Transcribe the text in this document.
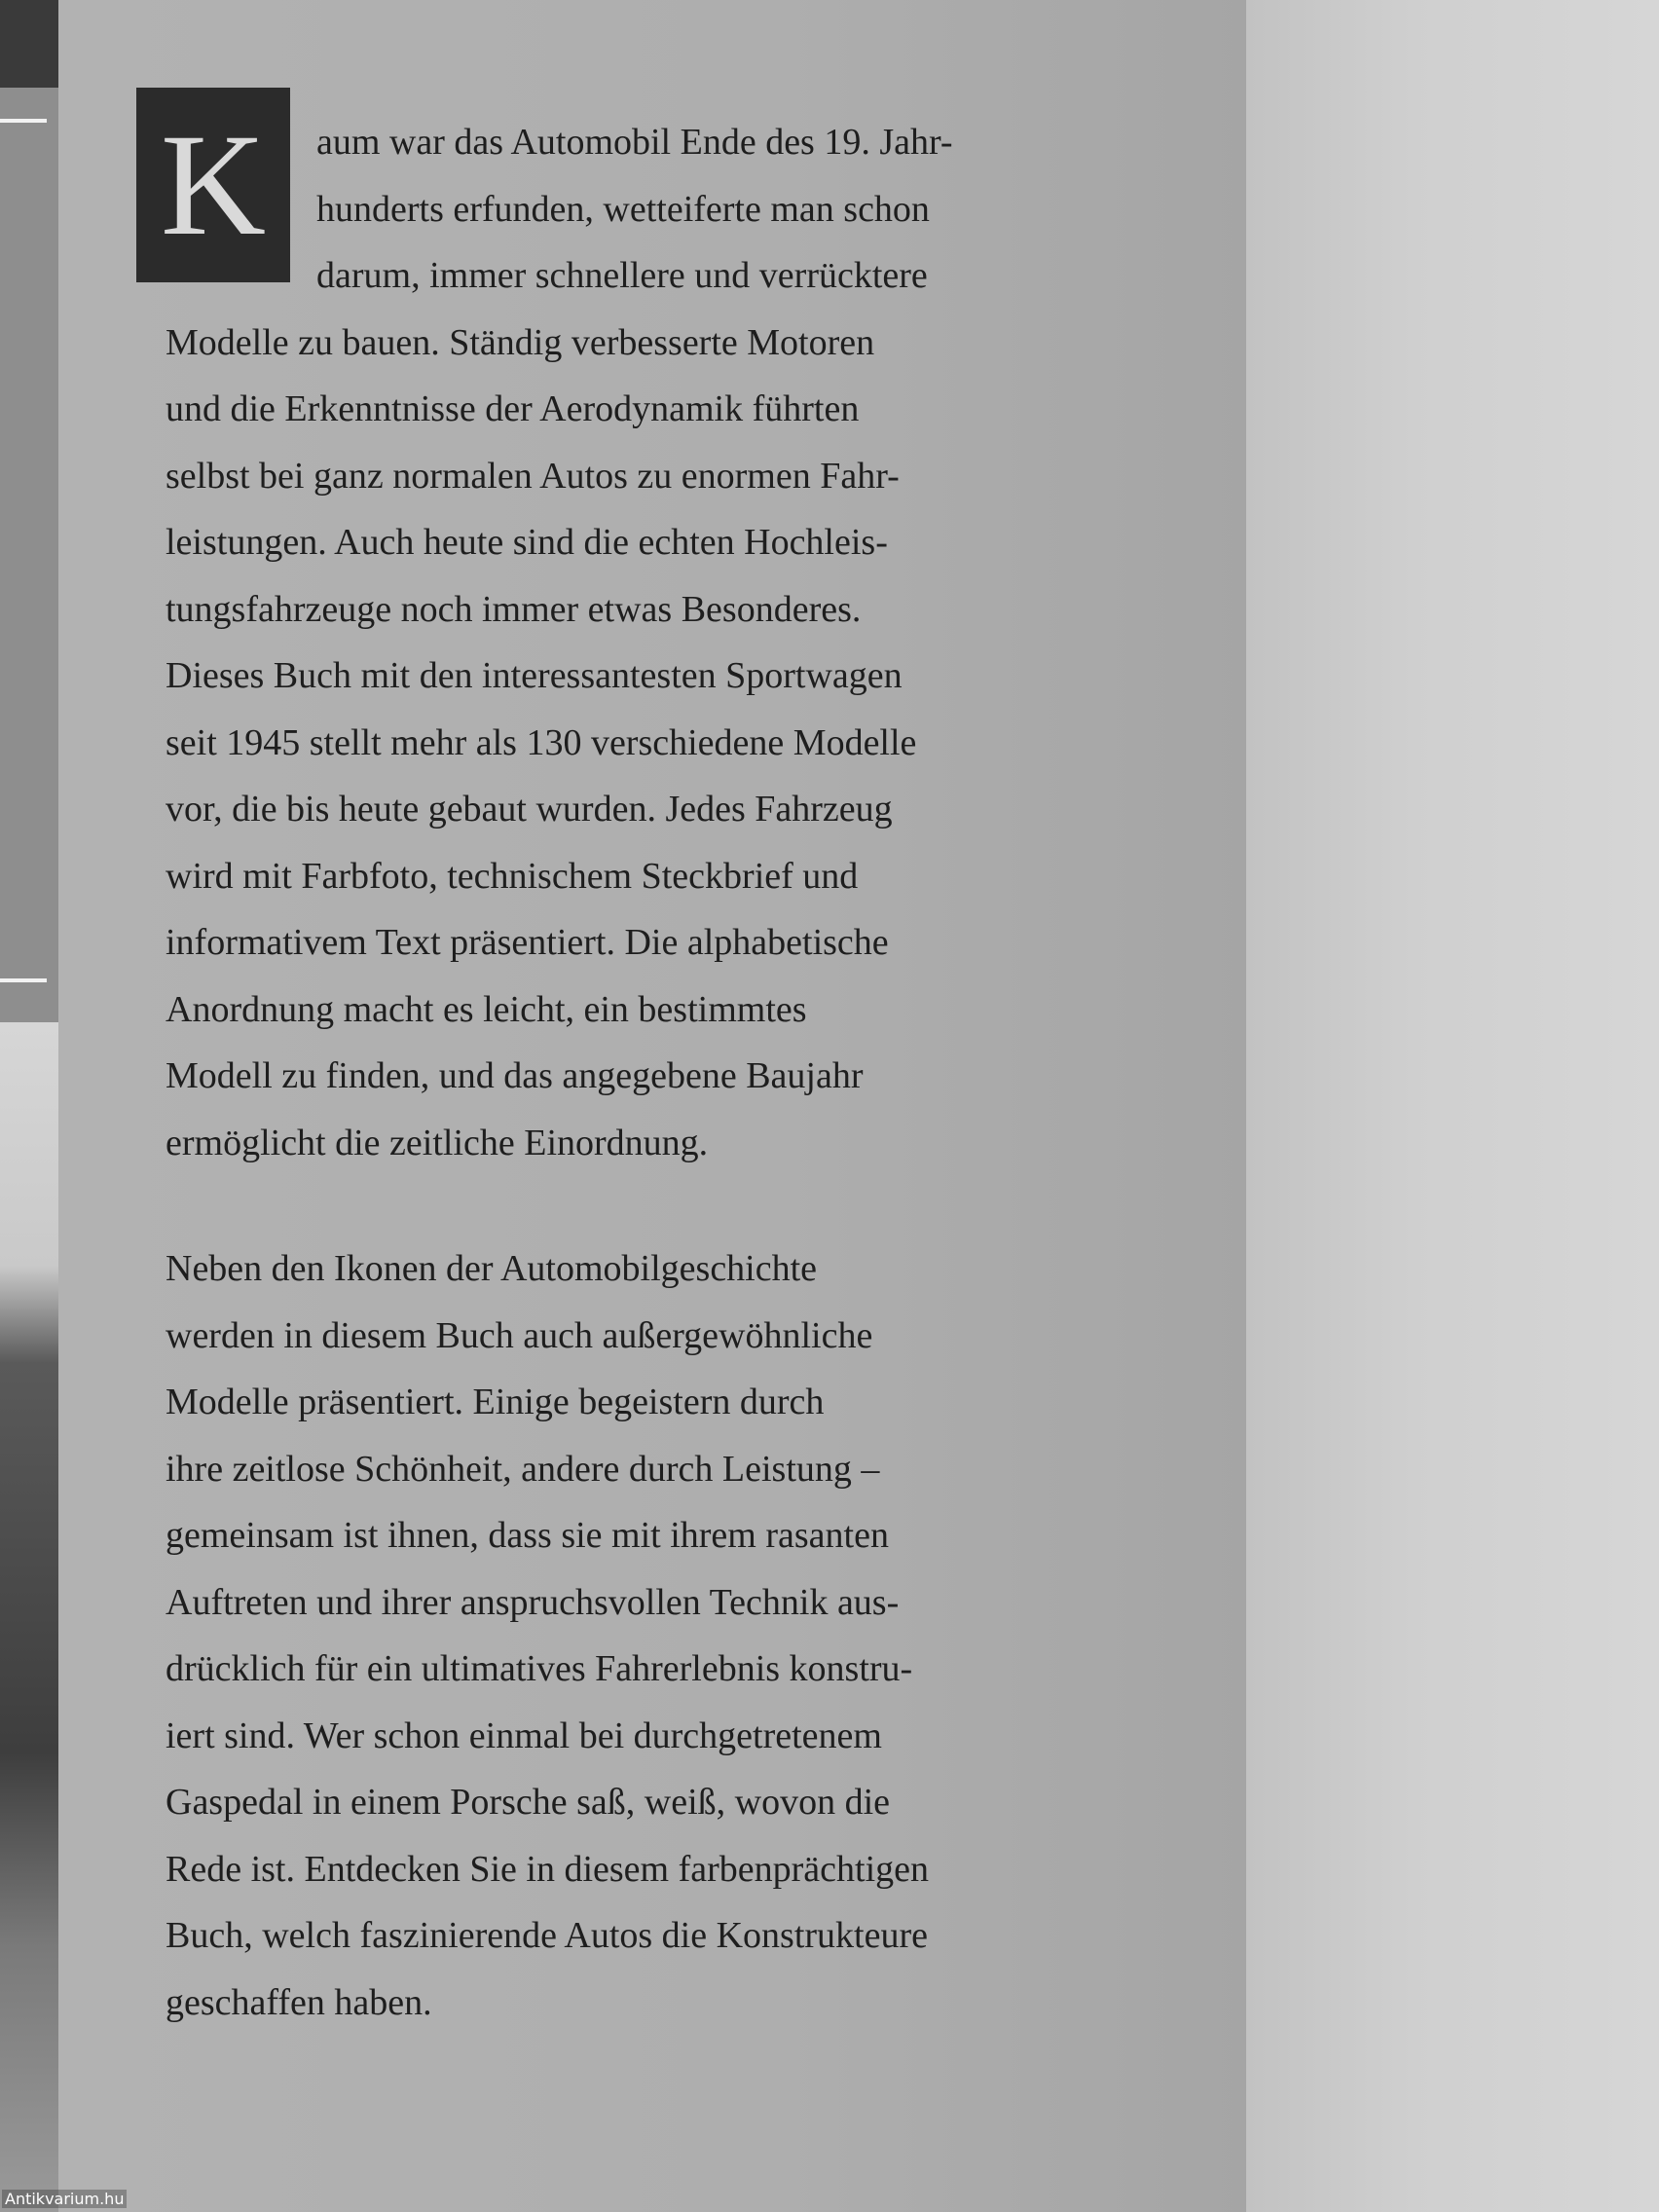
K	aum war das Automobil Ende des 19. Jahr-
hunderts erfunden, wetteiferte man schon
darum, immer schnellere und verrücktere
Modelle zu bauen. Ständig verbesserte Motoren
und die Erkenntnisse der Aerodynamik führten
selbst bei ganz normalen Autos zu enormen Fahr-
leistungen. Auch heute sind die echten Hochleis-
tungsfahrzeuge noch immer etwas Besonderes.
Dieses Buch mit den interessantesten Sportwagen
seit 1945 stellt mehr als 130 verschiedene Modelle
vor, die bis heute gebaut wurden. Jedes Fahrzeug
wird mit Farbfoto, technischem Steckbrief und
informativem Text präsentiert. Die alphabetische
Anordnung macht es leicht, ein bestimmtes
Modell zu finden, und das angegebene Baujahr
ermöglicht die zeitliche Einordnung.

Neben den Ikonen der Automobilgeschichte
werden in diesem Buch auch außergewöhnliche
Modelle präsentiert. Einige begeistern durch
ihre zeitlose Schönheit, andere durch Leistung –
gemeinsam ist ihnen, dass sie mit ihrem rasanten
Auftreten und ihrer anspruchsvollen Technik aus-
drücklich für ein ultimatives Fahrerlebnis konstru-
iert sind. Wer schon einmal bei durchgetretenem
Gaspedal in einem Porsche saß, weiß, wovon die
Rede ist. Entdecken Sie in diesem farbenprächtigen
Buch, welch faszinierende Autos die Konstrukteure
geschaffen haben.

Antikvarium.hu
